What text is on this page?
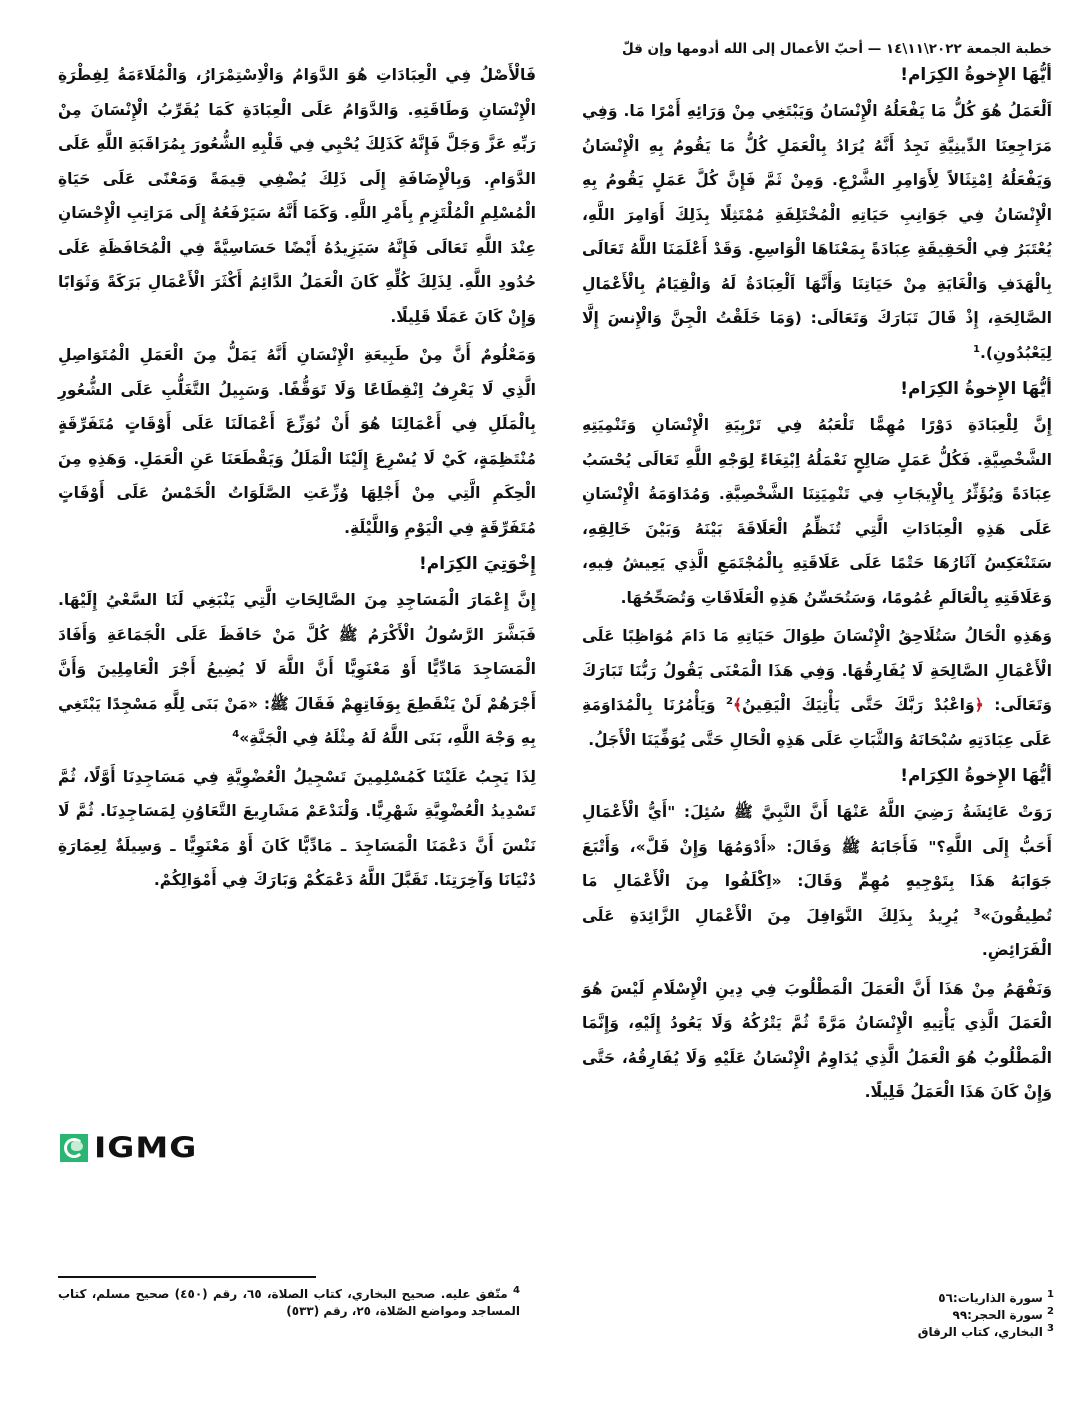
خطبة الجمعة ٢٠٢٢\١١\١٤ — أحبّ الأعمال إلى الله أدومها وإن قلّ

أيُّهَا الإِخوةُ الكِرَام!

اَلْعَمَلُ هُوَ كُلُّ مَا يَفْعَلُهُ الْإِنْسَانُ وَيَبْتَغِي مِنْ وَرَائِهِ أَمْرًا مَا. وَفِي مَرَاجِعِنَا الدِّينِيَّةِ نَجِدُ أَنَّهُ يُرَادُ بِالْعَمَلِ كُلُّ مَا يَقُومُ بِهِ الْإِنْسَانُ وَيَفْعَلُهُ اِمْتِثَالاً لِأَوَامِرِ الشَّرْعِ. وَمِنْ ثَمَّ فَإِنَّ كُلَّ عَمَلٍ يَقُومُ بِهِ الْإِنْسَانُ فِي جَوَانِبِ حَيَاتِهِ الْمُخْتَلِفَةِ مُمْتَثِلًا بِذَلِكَ أَوَامِرَ اللَّهِ، يُعْتَبَرُ فِي الْحَقِيقَةِ عِبَادَةً بِمَعْنَاهَا الْوَاسِعِ. وَقَدْ أَعْلَمَنَا اللَّهُ تَعَالَى بِالْهَدَفِ وَالْغَايَةِ مِنْ حَيَاتِنَا وَأَنَّهَا اَلْعِبَادَةُ لَهُ وَالْقِيَامُ بِالْأَعْمَالِ الصَّالِحَةِ، إِذْ قَالَ تَبَارَكَ وَتَعَالَى: (وَمَا خَلَقْتُ الْجِنَّ وَالْإِنسَ إِلَّا لِيَعْبُدُونِ).$^1$

أيُّهَا الإِخوةُ الكِرَام!

إِنَّ لِلْعِبَادَةِ دَوْرًا مُهِمًّا تَلْعَبُهُ فِي تَرْبِيَةِ الْإِنْسَانِ وَتَنْمِيَتِهِ الشَّخْصِيَّةِ. فَكُلُّ عَمَلٍ صَالِحٍ نَعْمَلُهُ اِبْتِغَاءً لِوَجْهِ اللَّهِ تَعَالَى يُحْسَبُ عِبَادَةً وَيُؤَثِّرُ بِالْإِيجَابِ فِي تَنْمِيَتِنَا الشَّخْصِيَّةِ. وَمُدَاوَمَةُ الْإِنْسَانِ عَلَى هَذِهِ الْعِبَادَاتِ الَّتِي تُنَظِّمُ الْعَلَاقَةَ بَيْنَهُ وَبَيْنَ خَالِقِهِ، سَتَنْعَكِسُ آثَارُهَا حَتْمًا عَلَى عَلَاقَتِهِ بِالْمُجْتَمَعِ الَّذِي يَعِيشُ فِيهِ، وَعَلَاقَتِهِ بِالْعَالَمِ عُمُومًا، وَسَتُحَسِّنُ هَذِهِ الْعَلَاقَاتِ وَتُصَحِّحُهَا.

وَهَذِهِ الْحَالُ سَتُلَاحِقُ الْإِنْسَانَ طِوَالَ حَيَاتِهِ مَا دَامَ مُوَاظِبًا عَلَى الْأَعْمَالِ الصَّالِحَةِ لَا يُفَارِقُهَا. وَفِي هَذَا الْمَعْنَى يَقُولُ رَبُّنَا تَبَارَكَ وَتَعَالَى: ﴿وَاعْبُدْ رَبَّكَ حَتَّى يَأْتِيَكَ الْيَقِينُ﴾$^2$ وَيَأْمُرُنَا بِالْمُدَاوَمَةِ عَلَى عِبَادَتِهِ سُبْحَانَهُ وَالثَّبَاتِ عَلَى هَذِهِ الْحَالِ حَتَّى يُوَفِّيَنَا الْأَجَلُ.

أيُّهَا الإِخوةُ الكِرَام!

رَوَتْ عَائِشَةُ رَضِيَ اللَّهُ عَنْهَا أَنَّ النَّبِيَّ ﷺ سُئِلَ: "أَيُّ الْأَعْمَالِ أَحَبُّ إِلَى اللَّهِ؟" فَأَجَابَهُ ﷺ وَقَالَ: «أَدْوَمُهَا وَإِنْ قَلَّ»، وَأَتْبَعَ جَوَابَهُ هَذَا بِتَوْجِيهٍ مُهِمٍّ وَقَالَ: «اِكْلَفُوا مِنَ الْأَعْمَالِ مَا تُطِيقُونَ»$^3$ يُرِيدُ بِذَلِكَ النَّوَافِلَ مِنَ الْأَعْمَالِ الزَّائِدَةِ عَلَى الْفَرَائِضِ.

وَنَفْهَمُ مِنْ هَذَا أَنَّ الْعَمَلَ الْمَطْلُوبَ فِي دِينِ الْإِسْلَامِ لَيْسَ هُوَ الْعَمَلَ الَّذِي يَأْتِيهِ الْإِنْسَانُ مَرَّةً ثُمَّ يَتْرُكُهُ وَلَا يَعُودُ إِلَيْهِ، وَإِنَّمَا الْمَطْلُوبُ هُوَ الْعَمَلُ الَّذِي يُدَاوِمُ الْإِنْسَانُ عَلَيْهِ وَلَا يُفَارِقُهُ، حَتَّى وَإِنْ كَانَ هَذَا الْعَمَلُ قَلِيلًا.

فَالْأَصْلُ فِي الْعِبَادَاتِ هُوَ الدَّوَامُ وَالْاِسْتِمْرَارُ، وَالْمُلَاءَمَةُ لِفِطْرَةِ الْإِنْسَانِ وَطَاقَتِهِ. وَالدَّوَامُ عَلَى الْعِبَادَةِ كَمَا يُقَرِّبُ الْإِنْسَانَ مِنْ رَبِّهِ عَزَّ وَجَلَّ فَإِنَّهُ كَذَلِكَ يُحْيِي فِي قَلْبِهِ الشُّعُورَ بِمُرَاقَبَةِ اللَّهِ عَلَى الدَّوَامِ. وَبِالْإِضَافَةِ إِلَى ذَلِكَ يُضْفِي قِيمَةً وَمَعْنًى عَلَى حَيَاةِ الْمُسْلِمِ الْمُلْتَزِمِ بِأَمْرِ اللَّهِ. وَكَمَا أَنَّهُ سَيَرْفَعُهُ إِلَى مَرَاتِبِ الْإِحْسَانِ عِنْدَ اللَّهِ تَعَالَى فَإِنَّهُ سَيَزِيدُهُ أَيْضًا حَسَاسِيَّةً فِي الْمُحَافَظَةِ عَلَى حُدُودِ اللَّهِ. لِذَلِكَ كُلِّهِ كَانَ الْعَمَلُ الدَّائِمُ أَكْثَرَ الْأَعْمَالِ بَرَكَةً وَثَوَابًا وَإِنْ كَانَ عَمَلًا قَلِيلًا.

وَمَعْلُومٌ أَنَّ مِنْ طَبِيعَةِ الْإِنْسَانِ أَنَّهُ يَمَلُّ مِنَ الْعَمَلِ الْمُتَوَاصِلِ الَّذِي لَا يَعْرِفُ اِنْقِطَاعًا وَلَا تَوَقُّفًا. وَسَبِيلُ التَّغَلُّبِ عَلَى الشُّعُورِ بِالْمَلَلِ فِي أَعْمَالِنَا هُوَ أَنْ نُوَزِّعَ أَعْمَالَنَا عَلَى أَوْقَاتٍ مُتَفَرِّقَةٍ مُنْتَظِمَةٍ، كَيْ لَا يُسْرِعَ إِلَيْنَا الْمَلَلُ وَيَقْطَعَنَا عَنِ الْعَمَلِ. وَهَذِهِ مِنَ الْحِكَمِ الَّتِي مِنْ أَجْلِهَا وُزِّعَتِ الصَّلَوَاتُ الْخَمْسُ عَلَى أَوْقَاتٍ مُتَفَرِّقَةٍ فِي الْيَوْمِ وَاللَّيْلَةِ.

إِخْوَتِيَ الكِرَام!

إِنَّ إِعْمَارَ الْمَسَاجِدِ مِنَ الصَّالِحَاتِ الَّتِي يَنْبَغِي لَنَا السَّعْيُ إِلَيْهَا. فَبَشَّرَ الرَّسُولُ الْأَكْرَمُ ﷺ كُلَّ مَنْ حَافَظَ عَلَى الْجَمَاعَةِ وَأَفَادَ الْمَسَاجِدَ مَادِّيًّا أَوْ مَعْنَوِيًّا أَنَّ اللَّهَ لَا يُضِيعُ أَجْرَ الْعَامِلِينَ وَأَنَّ أَجْرَهُمْ لَنْ يَنْقَطِعَ بِوَفَاتِهِمْ فَقَالَ ﷺ: «مَنْ بَنَى لِلَّهِ مَسْجِدًا يَبْتَغِي بِهِ وَجْهَ اللَّهِ، بَنَى اللَّهُ لَهُ مِثْلَهُ فِي الْجَنَّةِ»$^4$

لِذَا يَجِبُ عَلَيْنَا كَمُسْلِمِينَ تَسْجِيلُ الْعُضْوِيَّةِ فِي مَسَاجِدِنَا أَوَّلًا، ثُمَّ تَسْدِيدُ الْعُضْوِيَّةِ شَهْرِيًّا. وَلْنَدْعَمْ مَشَارِيعَ التَّعَاوُنِ لِمَسَاجِدِنَا. ثُمَّ لَا نَنْسَ أَنَّ دَعْمَنَا الْمَسَاجِدَ ـ مَادِّيًّا كَانَ أَوْ مَعْنَوِيًّا ـ وَسِيلَةٌ لِعِمَارَةِ دُنْيَانَا وَآخِرَتِنَا. تَقَبَّلَ اللَّهُ دَعْمَكُمْ وَبَارَكَ فِي أَمْوَالِكُمْ.

IGMG
$^4$ متّفق عليه. صحيح البخاري، كتاب الصلاة، ٦٥، رقم (٤٥٠) صحيح مسلم، كتاب المساجد ومواضع الصّلاة، ٢٥، رقم (٥٣٣)
$^1$ سورة الذاريات:٥٦
$^2$ سورة الحجر:٩٩
$^3$ البخاري، كتاب الرقاق
